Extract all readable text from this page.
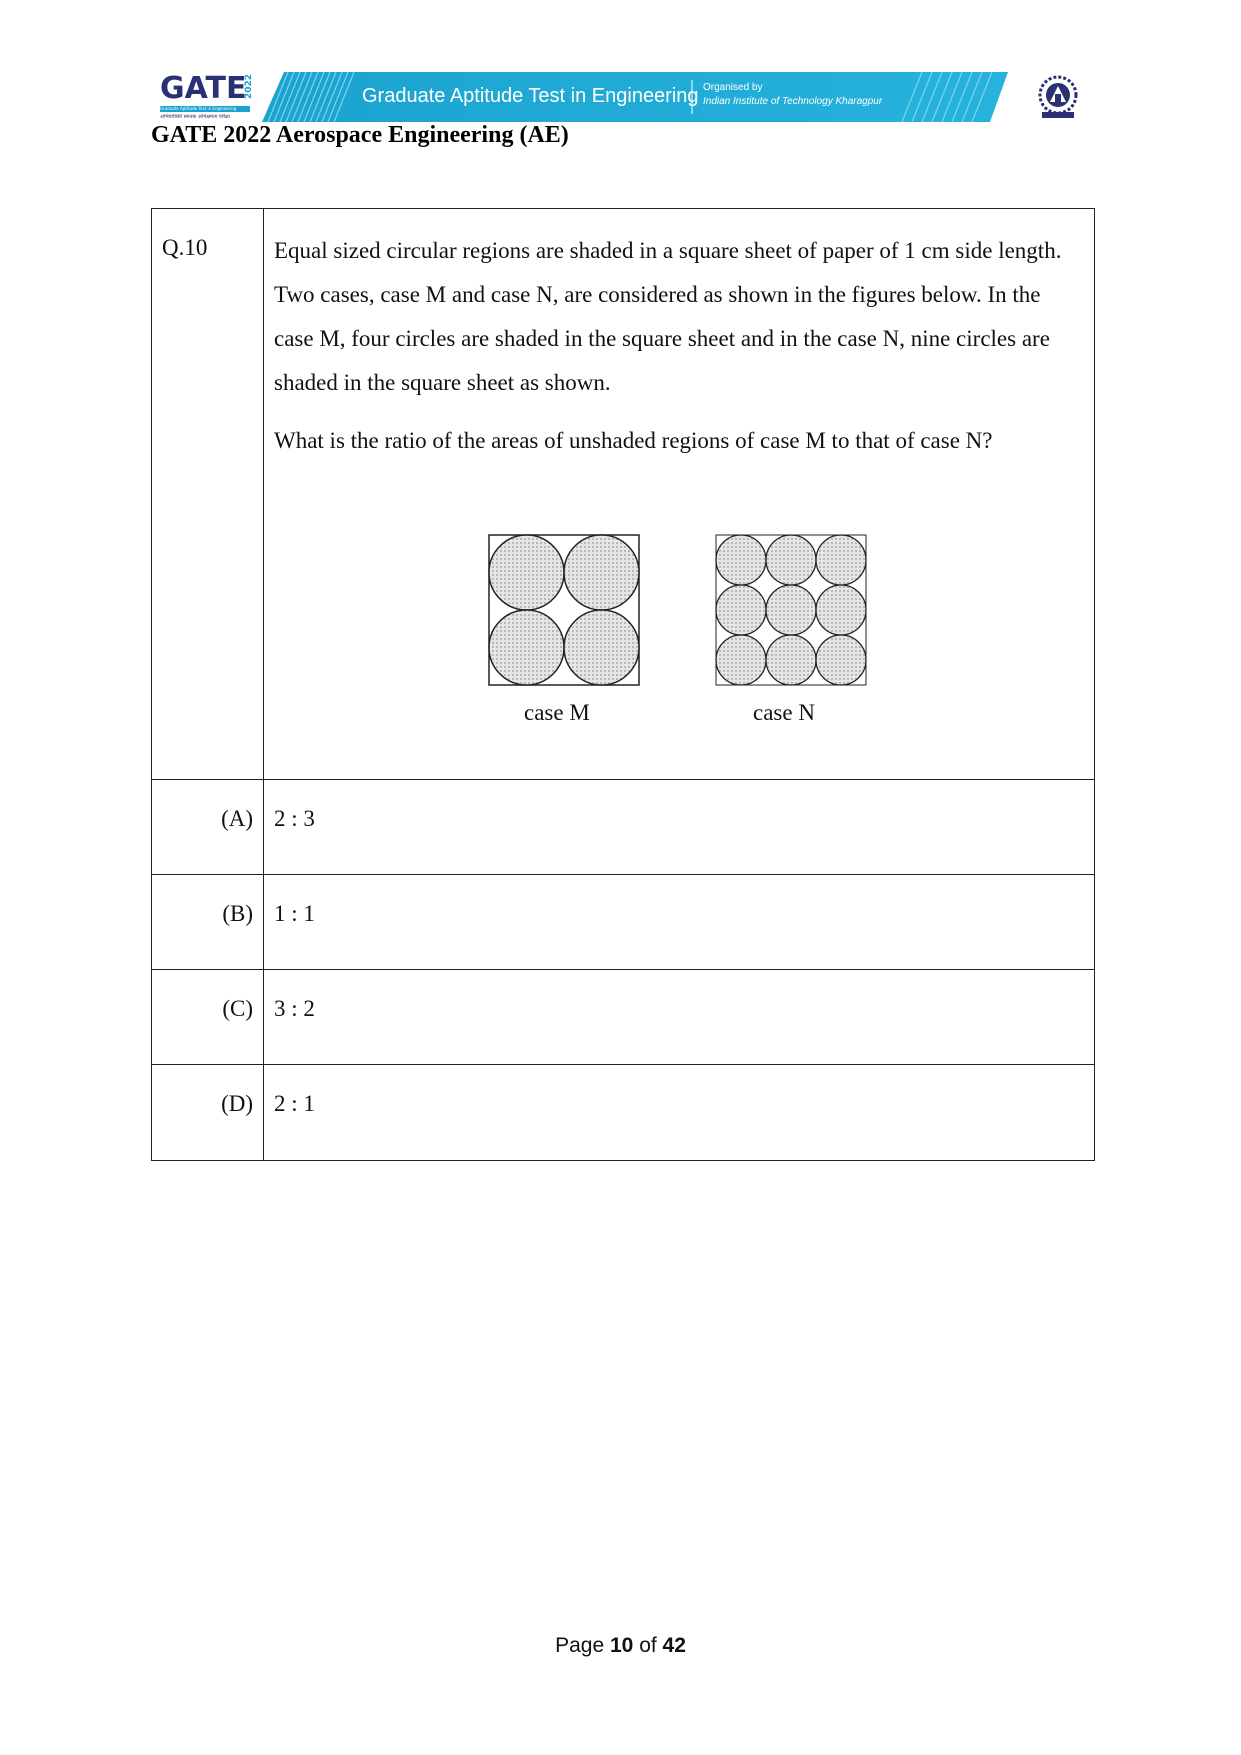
GATE
2022
Graduate Aptitude Test in Engineering
अभियांत्रिकी स्नातक अभिक्षमता परीक्षा
Graduate Aptitude Test in Engineering Organised by
Indian Institute of Technology Kharagpur
GATE 2022 Aerospace Engineering (AE)
Q.10	Equal sized circular regions are shaded in a square sheet of paper of 1 cm side length. Two cases, case M and case N, are considered as shown in the figures below. In the case M, four circles are shaded in the square sheet and in the case N, nine circles are shaded in the square sheet as shown.

What is the ratio of the areas of unshaded regions of case M to that of case N?

case M	case N
(A) 2 : 3
(B) 1 : 1
(C) 3 : 2
(D) 2 : 1
Page 10 of 42
